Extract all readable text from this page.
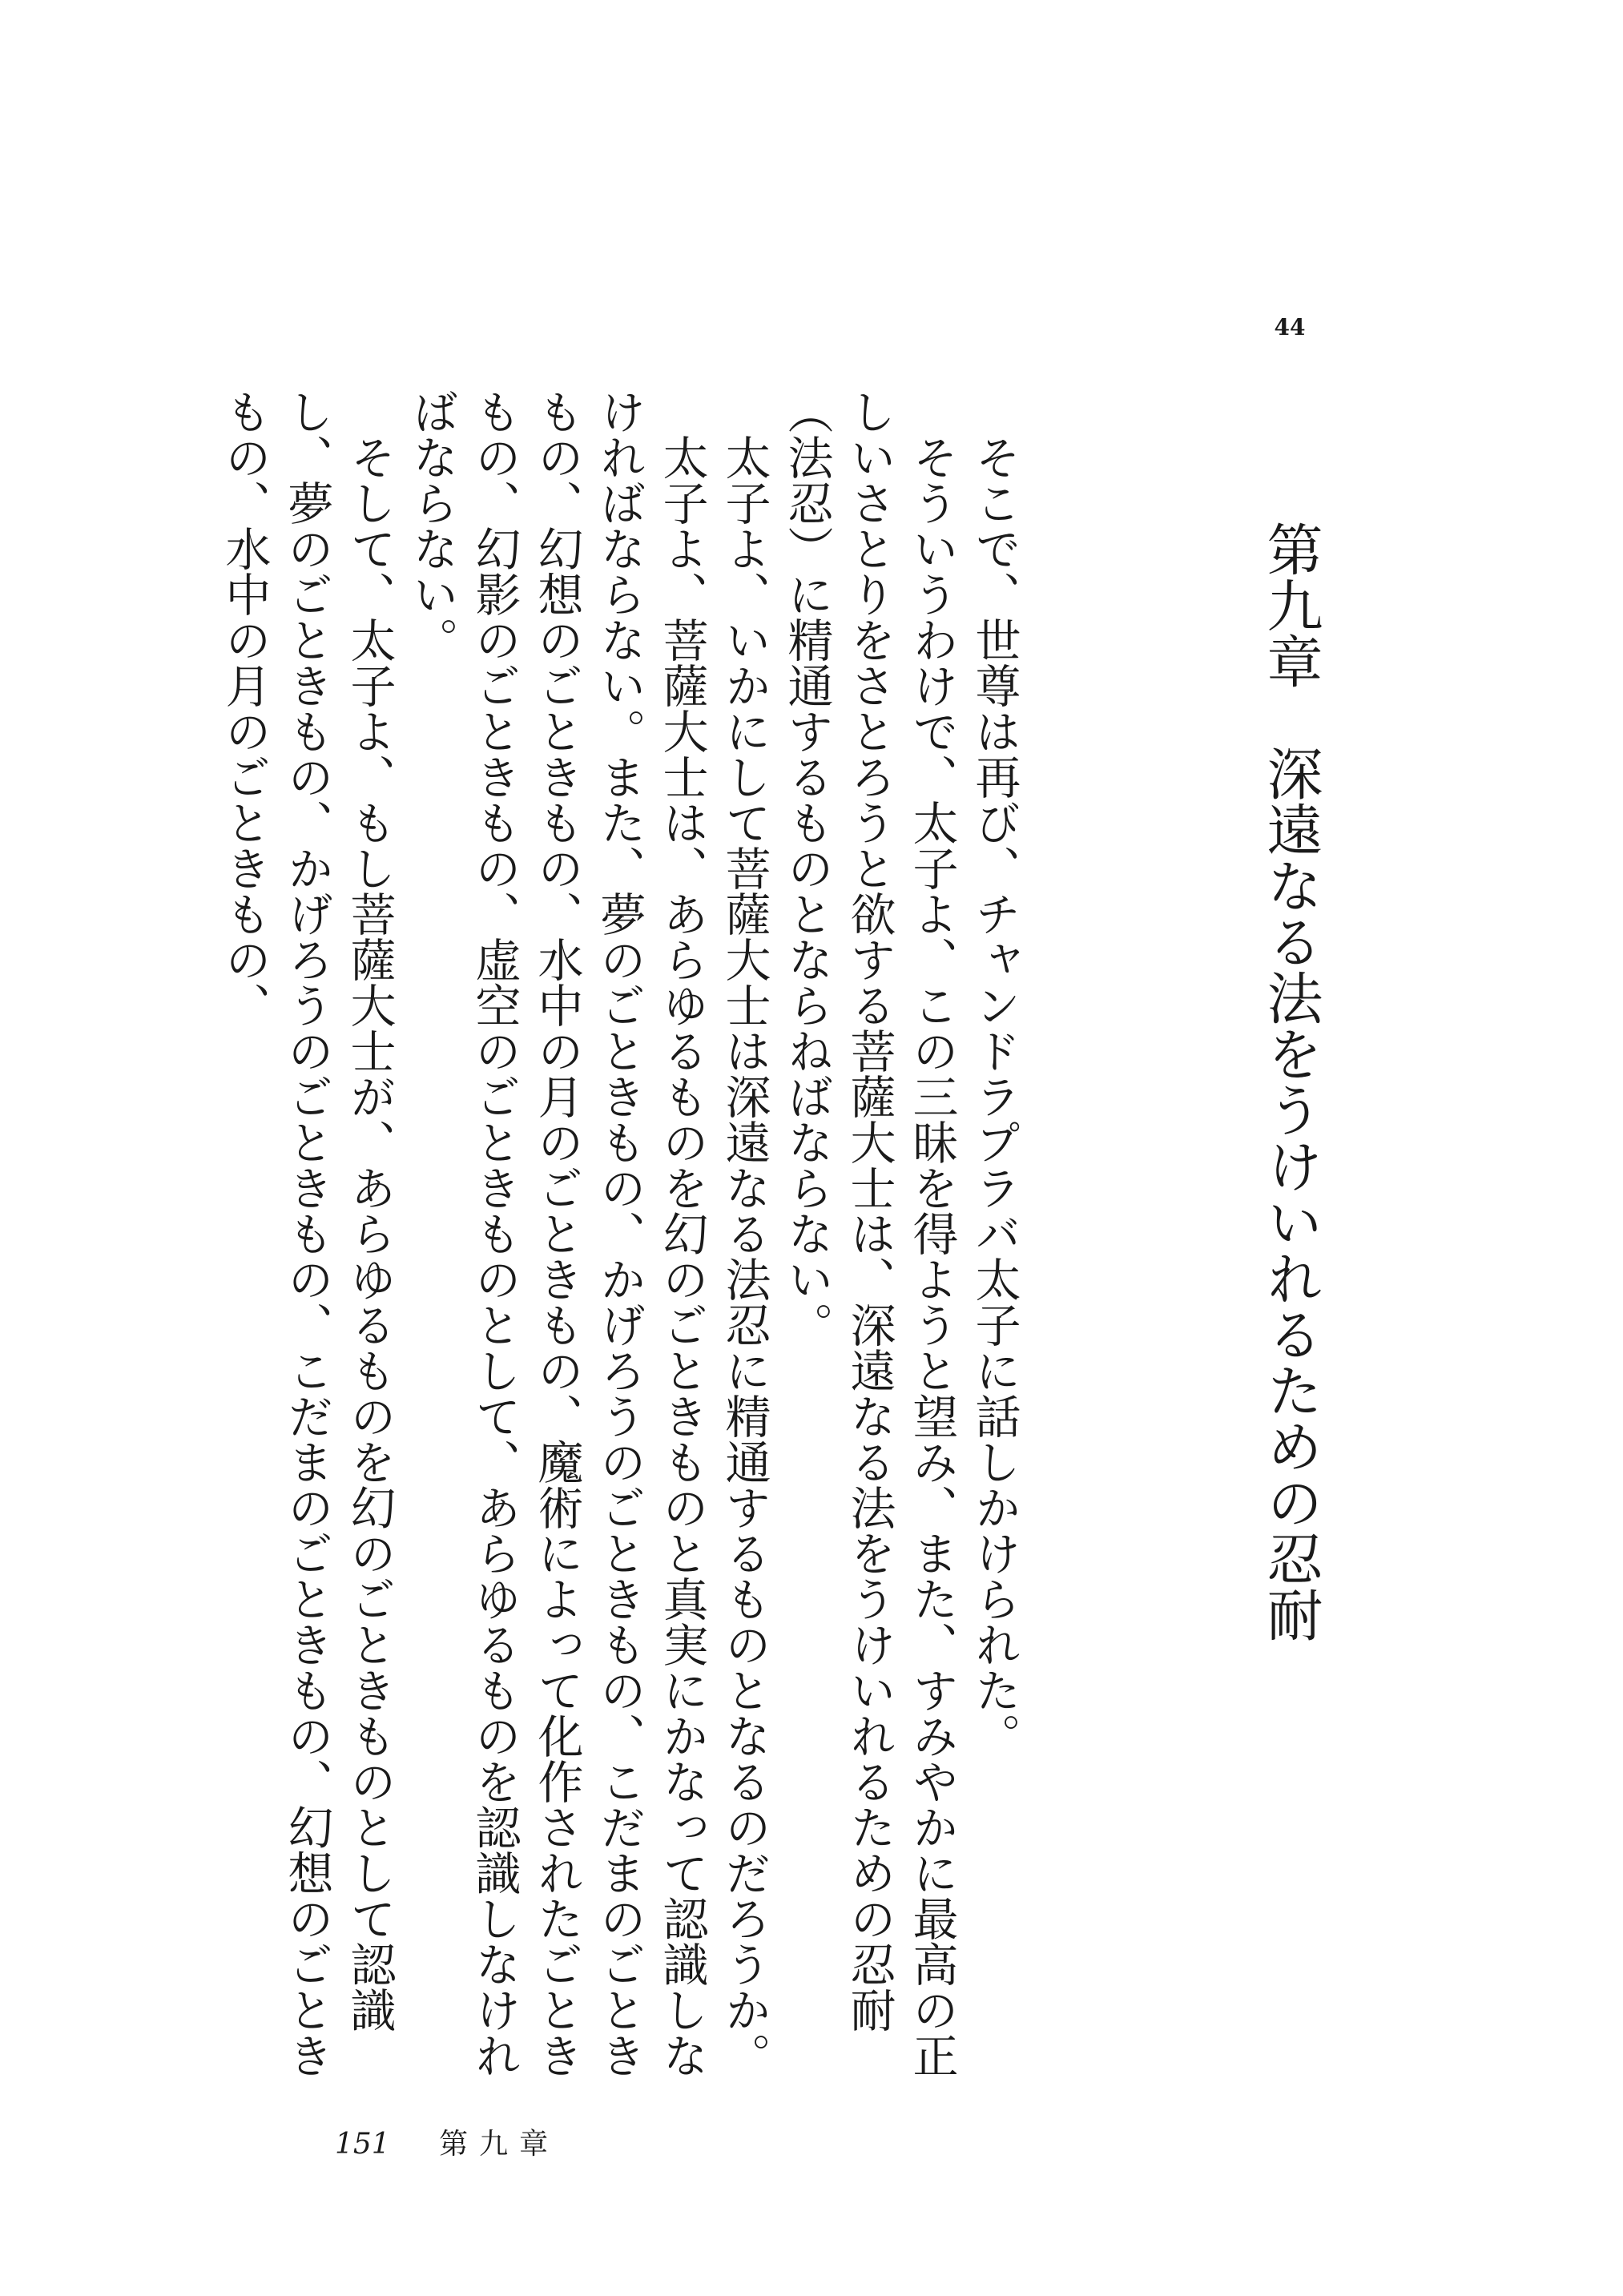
44
第九章　深遠なる法をうけいれるための忍耐

そこで、世尊は再び、チャンドラプラバ太子に話しかけられた。

そういうわけで、太子よ、この三昧を得ようと望み、また、すみやかに最高の正しいさとりをさとろうと欲する菩薩大士は、深遠なる法をうけいれるための忍耐（法忍）に精通するものとならねばならない。

太子よ、いかにして菩薩大士は深遠なる法忍に精通するものとなるのだろうか。

太子よ、菩薩大士は、あらゆるものを幻のごときものと真実にかなって認識しなければならない。また、夢のごときもの、かげろうのごときもの、こだまのごときもの、幻想のごときもの、水中の月のごときもの、魔術によって化作されたごときもの、幻影のごときもの、虚空のごときものとして、あらゆるものを認識しなければならない。

そして、太子よ、もし菩薩大士が、あらゆるものを幻のごときものとして認識し、夢のごときもの、かげろうのごときもの、こだまのごときもの、幻想のごときもの、水中の月のごときもの、

151 第九章
